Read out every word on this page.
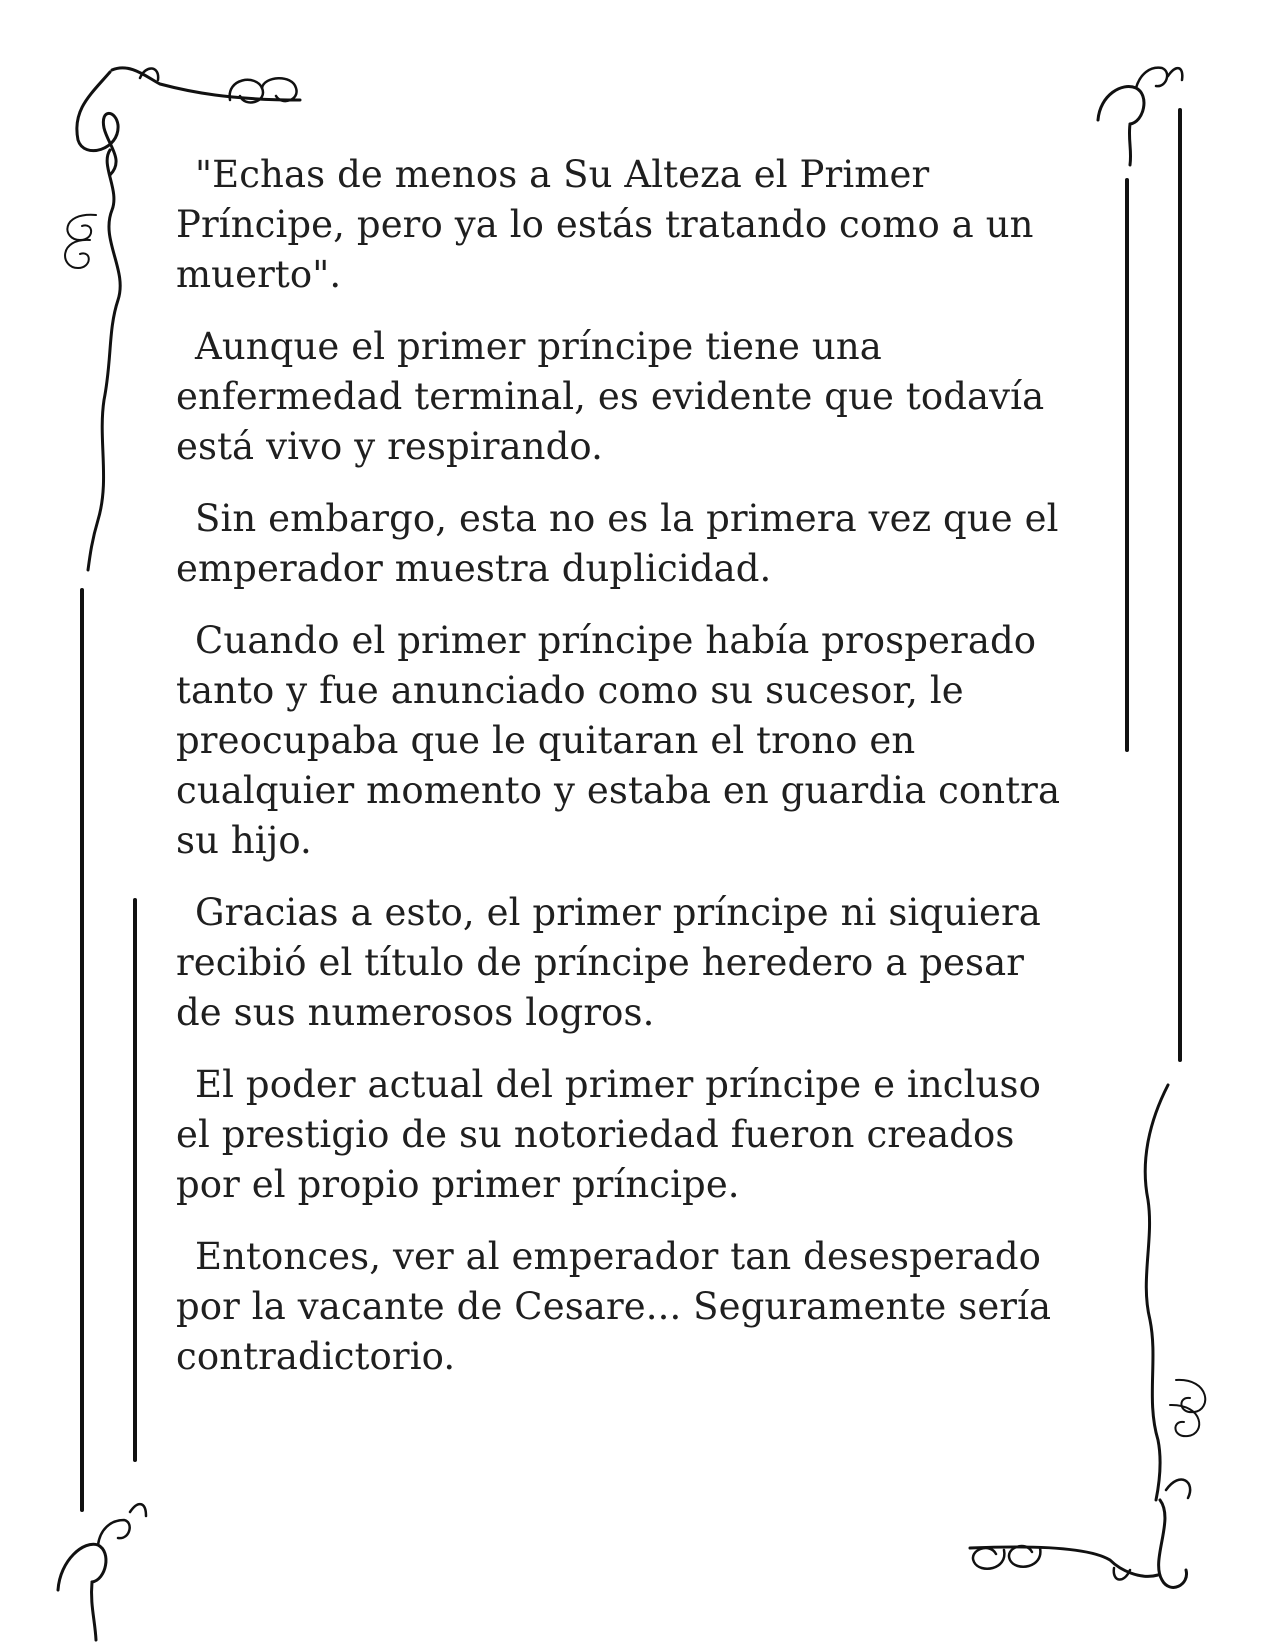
"Echas de menos a Su Alteza el Primer
Príncipe, pero ya lo estás tratando como a un
muerto".

Aunque el primer príncipe tiene una
enfermedad terminal, es evidente que todavía
está vivo y respirando.

Sin embargo, esta no es la primera vez que el
emperador muestra duplicidad.

Cuando el primer príncipe había prosperado
tanto y fue anunciado como su sucesor, le
preocupaba que le quitaran el trono en
cualquier momento y estaba en guardia contra
su hijo.

Gracias a esto, el primer príncipe ni siquiera
recibió el título de príncipe heredero a pesar
de sus numerosos logros.

El poder actual del primer príncipe e incluso
el prestigio de su notoriedad fueron creados
por el propio primer príncipe.

Entonces, ver al emperador tan desesperado
por la vacante de Cesare... Seguramente sería
contradictorio.
